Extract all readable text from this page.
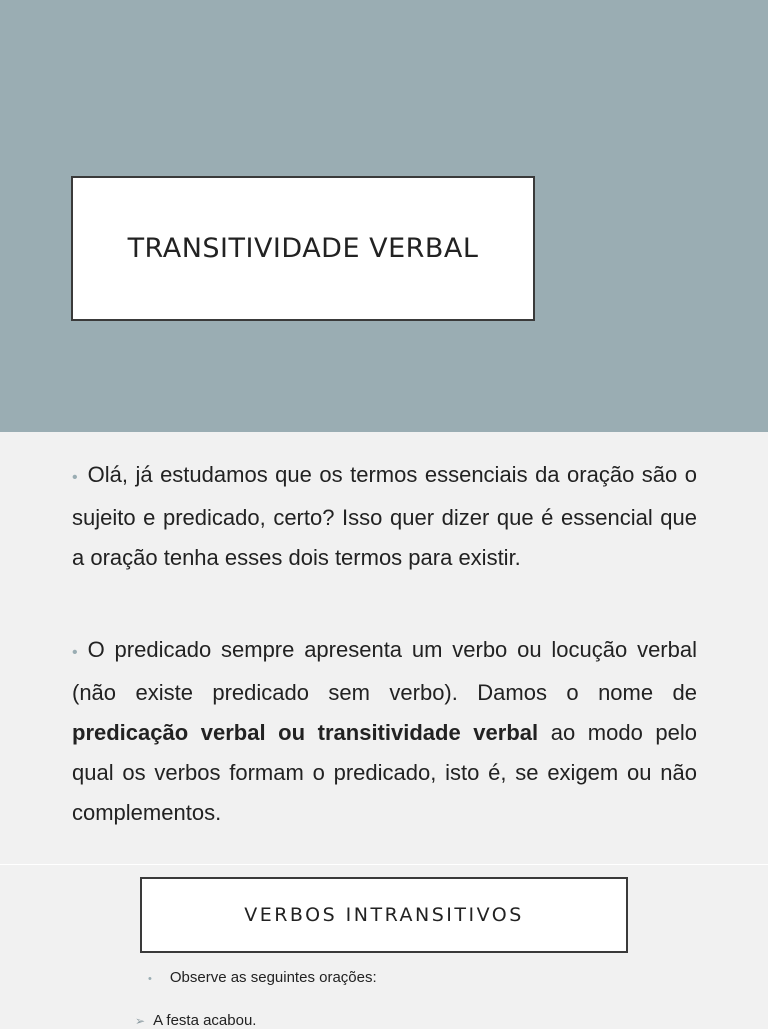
TRANSITIVIDADE VERBAL

• Olá, já estudamos que os termos essenciais da oração são o sujeito e predicado, certo? Isso quer dizer que é essencial que a oração tenha esses dois termos para existir.

• O predicado sempre apresenta um verbo ou locução verbal (não existe predicado sem verbo). Damos o nome de predicação verbal ou transitividade verbal ao modo pelo qual os verbos formam o predicado, isto é, se exigem ou não complementos.

VERBOS INTRANSITIVOS
• Observe as seguintes orações:
➢ A festa acabou.
